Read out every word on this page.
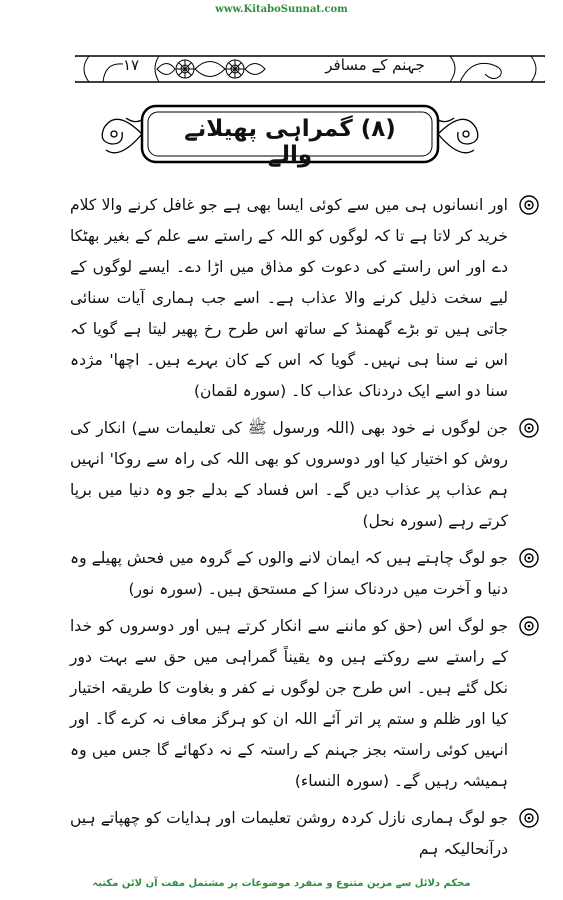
www.KitaboSunnat.com
جہنم کے مسافر
۱۷
(۸) گمراہی پھیلانے والے
اور انسانوں ہی میں سے کوئی ایسا بھی ہے جو غافل کرنے والا کلام خرید کر لاتا ہے تا کہ لوگوں کو اللہ کے راستے سے علم کے بغیر بھٹکا دے اور اس راستے کی دعوت کو مذاق میں اڑا دے۔ ایسے لوگوں کے لیے سخت ذلیل کرنے والا عذاب ہے۔ اسے جب ہماری آیات سنائی جاتی ہیں تو بڑے گھمنڈ کے ساتھ اس طرح رخ پھیر لیتا ہے گویا کہ اس نے سنا ہی نہیں۔ گویا کہ اس کے کان بہرے ہیں۔ اچھا' مژدہ سنا دو اسے ایک دردناک عذاب کا۔ (سورہ لقمان)
جن لوگوں نے خود بھی (اللہ ورسول ﷺ کی تعلیمات سے) انکار کی روش کو اختیار کیا اور دوسروں کو بھی اللہ کی راہ سے روکا' انہیں ہم عذاب پر عذاب دیں گے۔ اس فساد کے بدلے جو وہ دنیا میں برپا کرتے رہے (سورہ نحل)
جو لوگ چاہتے ہیں کہ ایمان لانے والوں کے گروہ میں فحش پھیلے وہ دنیا و آخرت میں دردناک سزا کے مستحق ہیں۔ (سورہ نور)
جو لوگ اس (حق کو ماننے سے انکار کرتے ہیں اور دوسروں کو خدا کے راستے سے روکتے ہیں وہ یقیناً گمراہی میں حق سے بہت دور نکل گئے ہیں۔ اس طرح جن لوگوں نے کفر و بغاوت کا طریقہ اختیار کیا اور ظلم و ستم پر اتر آئے اللہ ان کو ہرگز معاف نہ کرے گا۔ اور انہیں کوئی راستہ بجز جہنم کے راستہ کے نہ دکھائے گا جس میں وہ ہمیشہ رہیں گے۔ (سورہ النساء)
جو لوگ ہماری نازل کردہ روشن تعلیمات اور ہدایات کو چھپاتے ہیں درآنحالیکہ ہم
محکم دلائل سے مزین متنوع و منفرد موضوعات پر مشتمل مفت آن لائن مکتبہ
